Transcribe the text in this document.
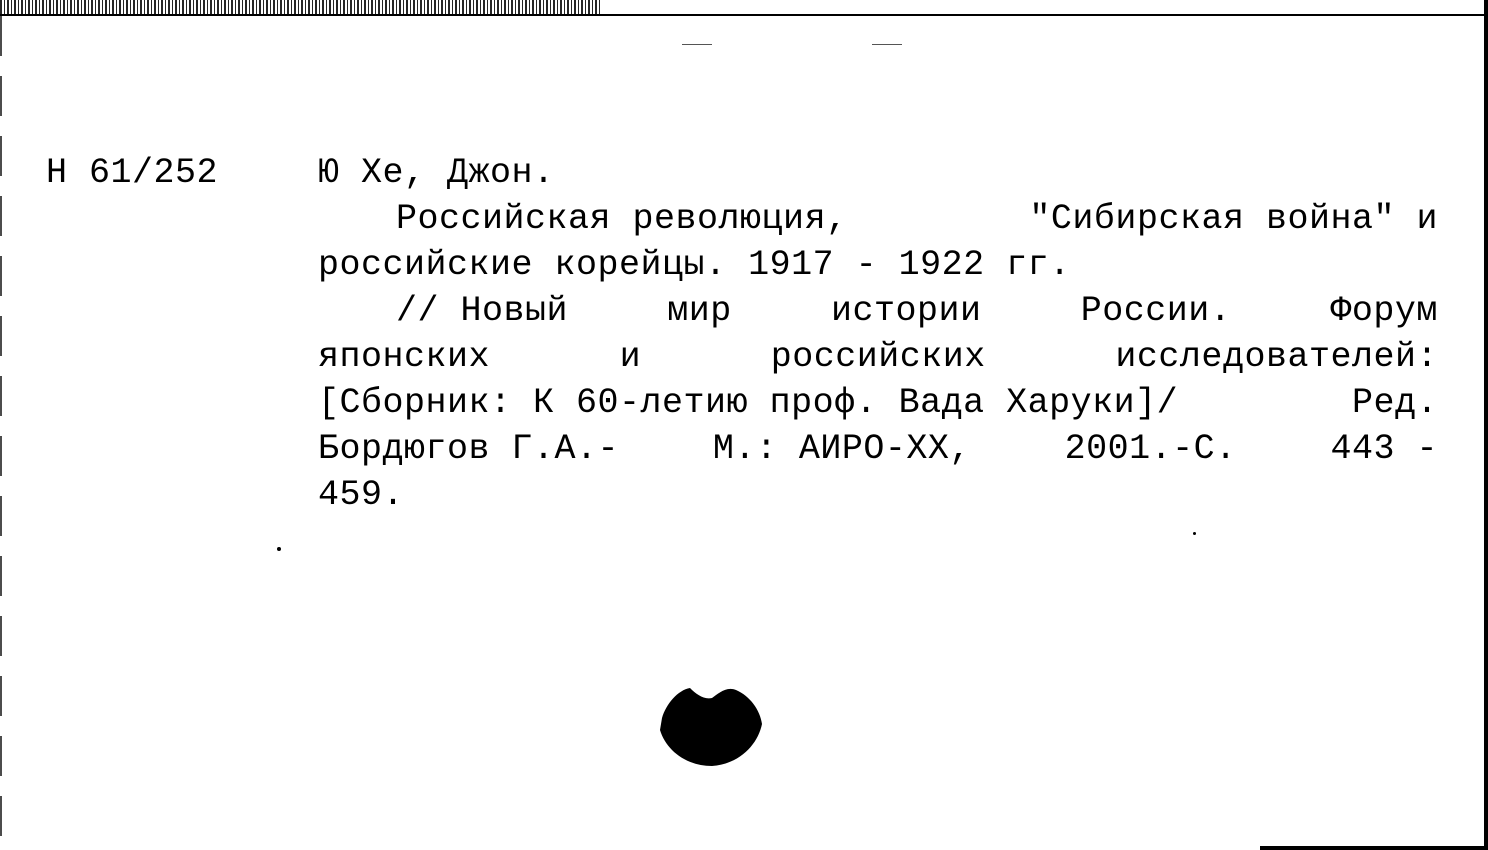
Н 61/252	Ю Хе, Джон.
Российская революция,	"Сибирская война" и
российские корейцы. 1917 - 1922 гг.
// Новый	мир	истории	России.	Форум
японских	и	российских	исследователей:
[Сборник: К 60-летию проф. Вада Харуки]/	Ред.
Бордюгов Г.А.-	М.: АИРО-ХХ,	2001.-С.	443 -
459.
